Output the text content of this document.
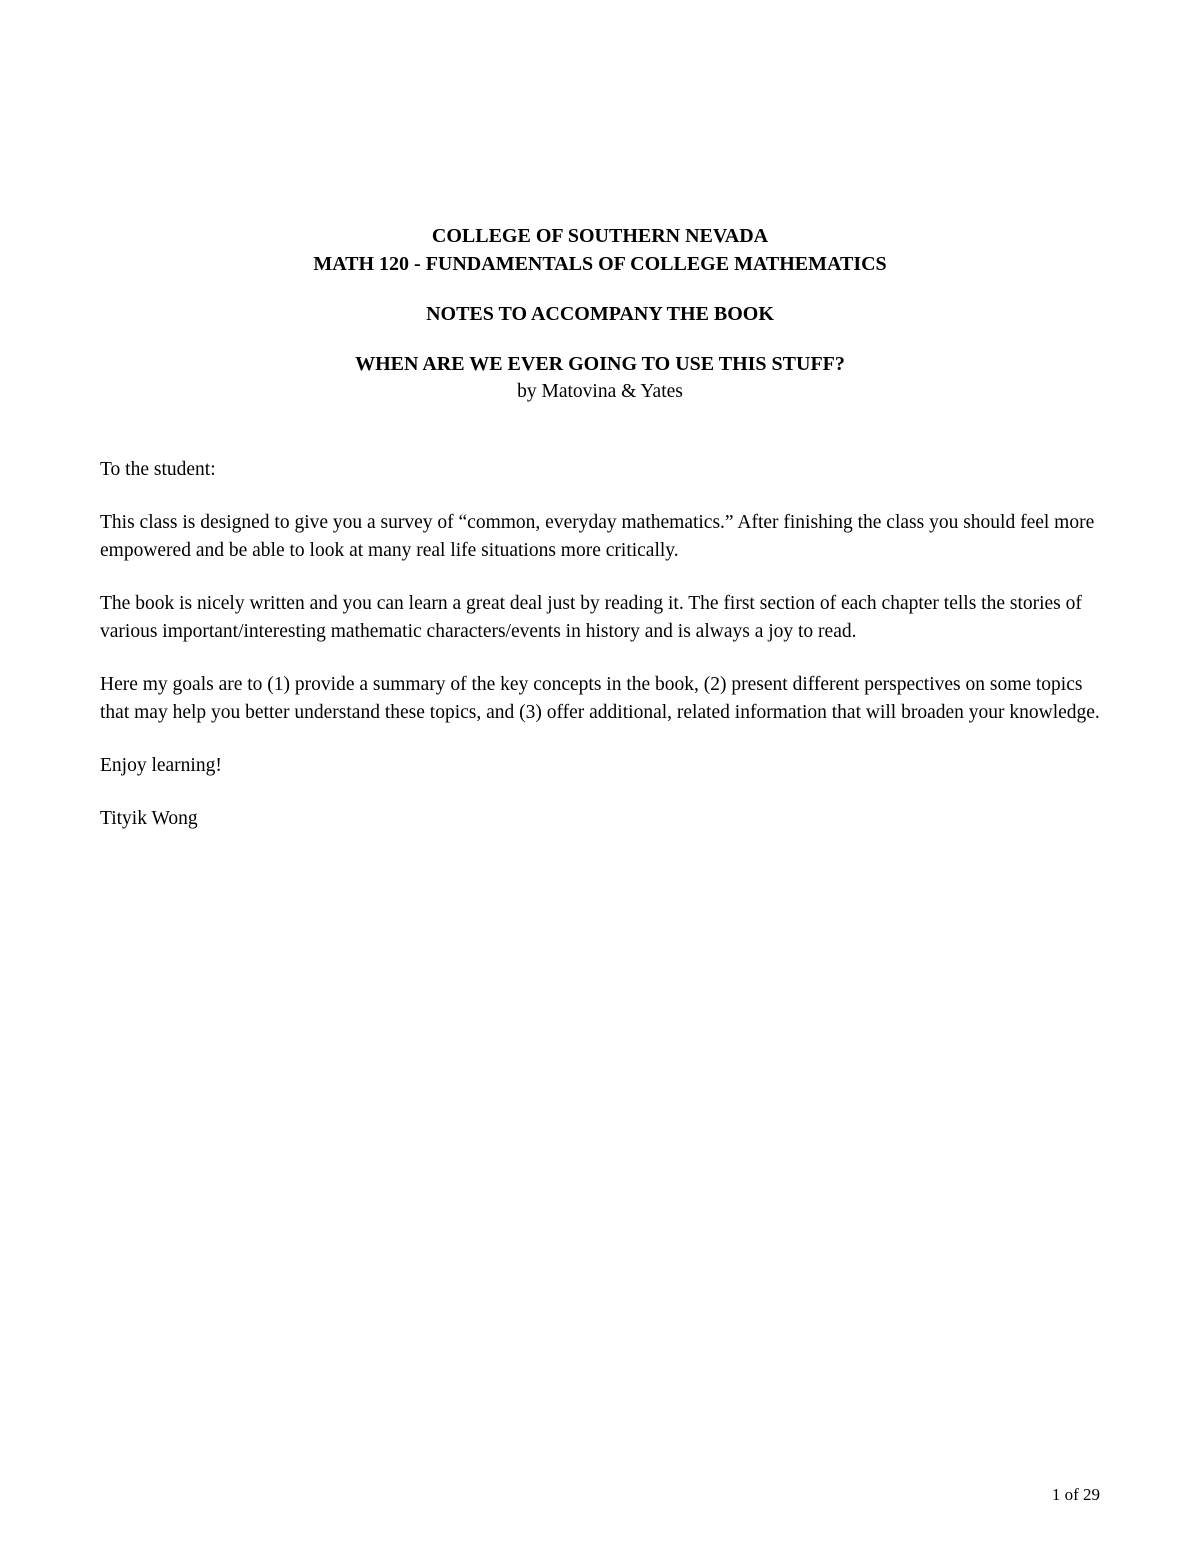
COLLEGE OF SOUTHERN NEVADA

MATH 120 - FUNDAMENTALS OF COLLEGE MATHEMATICS

NOTES TO ACCOMPANY THE BOOK

WHEN ARE WE EVER GOING TO USE THIS STUFF?

by Matovina & Yates

To the student:

This class is designed to give you a survey of “common, everyday mathematics.” After finishing the class you should feel more empowered and be able to look at many real life situations more critically.

The book is nicely written and you can learn a great deal just by reading it. The first section of each chapter tells the stories of various important/interesting mathematic characters/events in history and is always a joy to read.

Here my goals are to (1) provide a summary of the key concepts in the book, (2) present different perspectives on some topics that may help you better understand these topics, and (3) offer additional, related information that will broaden your knowledge.

Enjoy learning!

Tityik Wong

1 of 29
